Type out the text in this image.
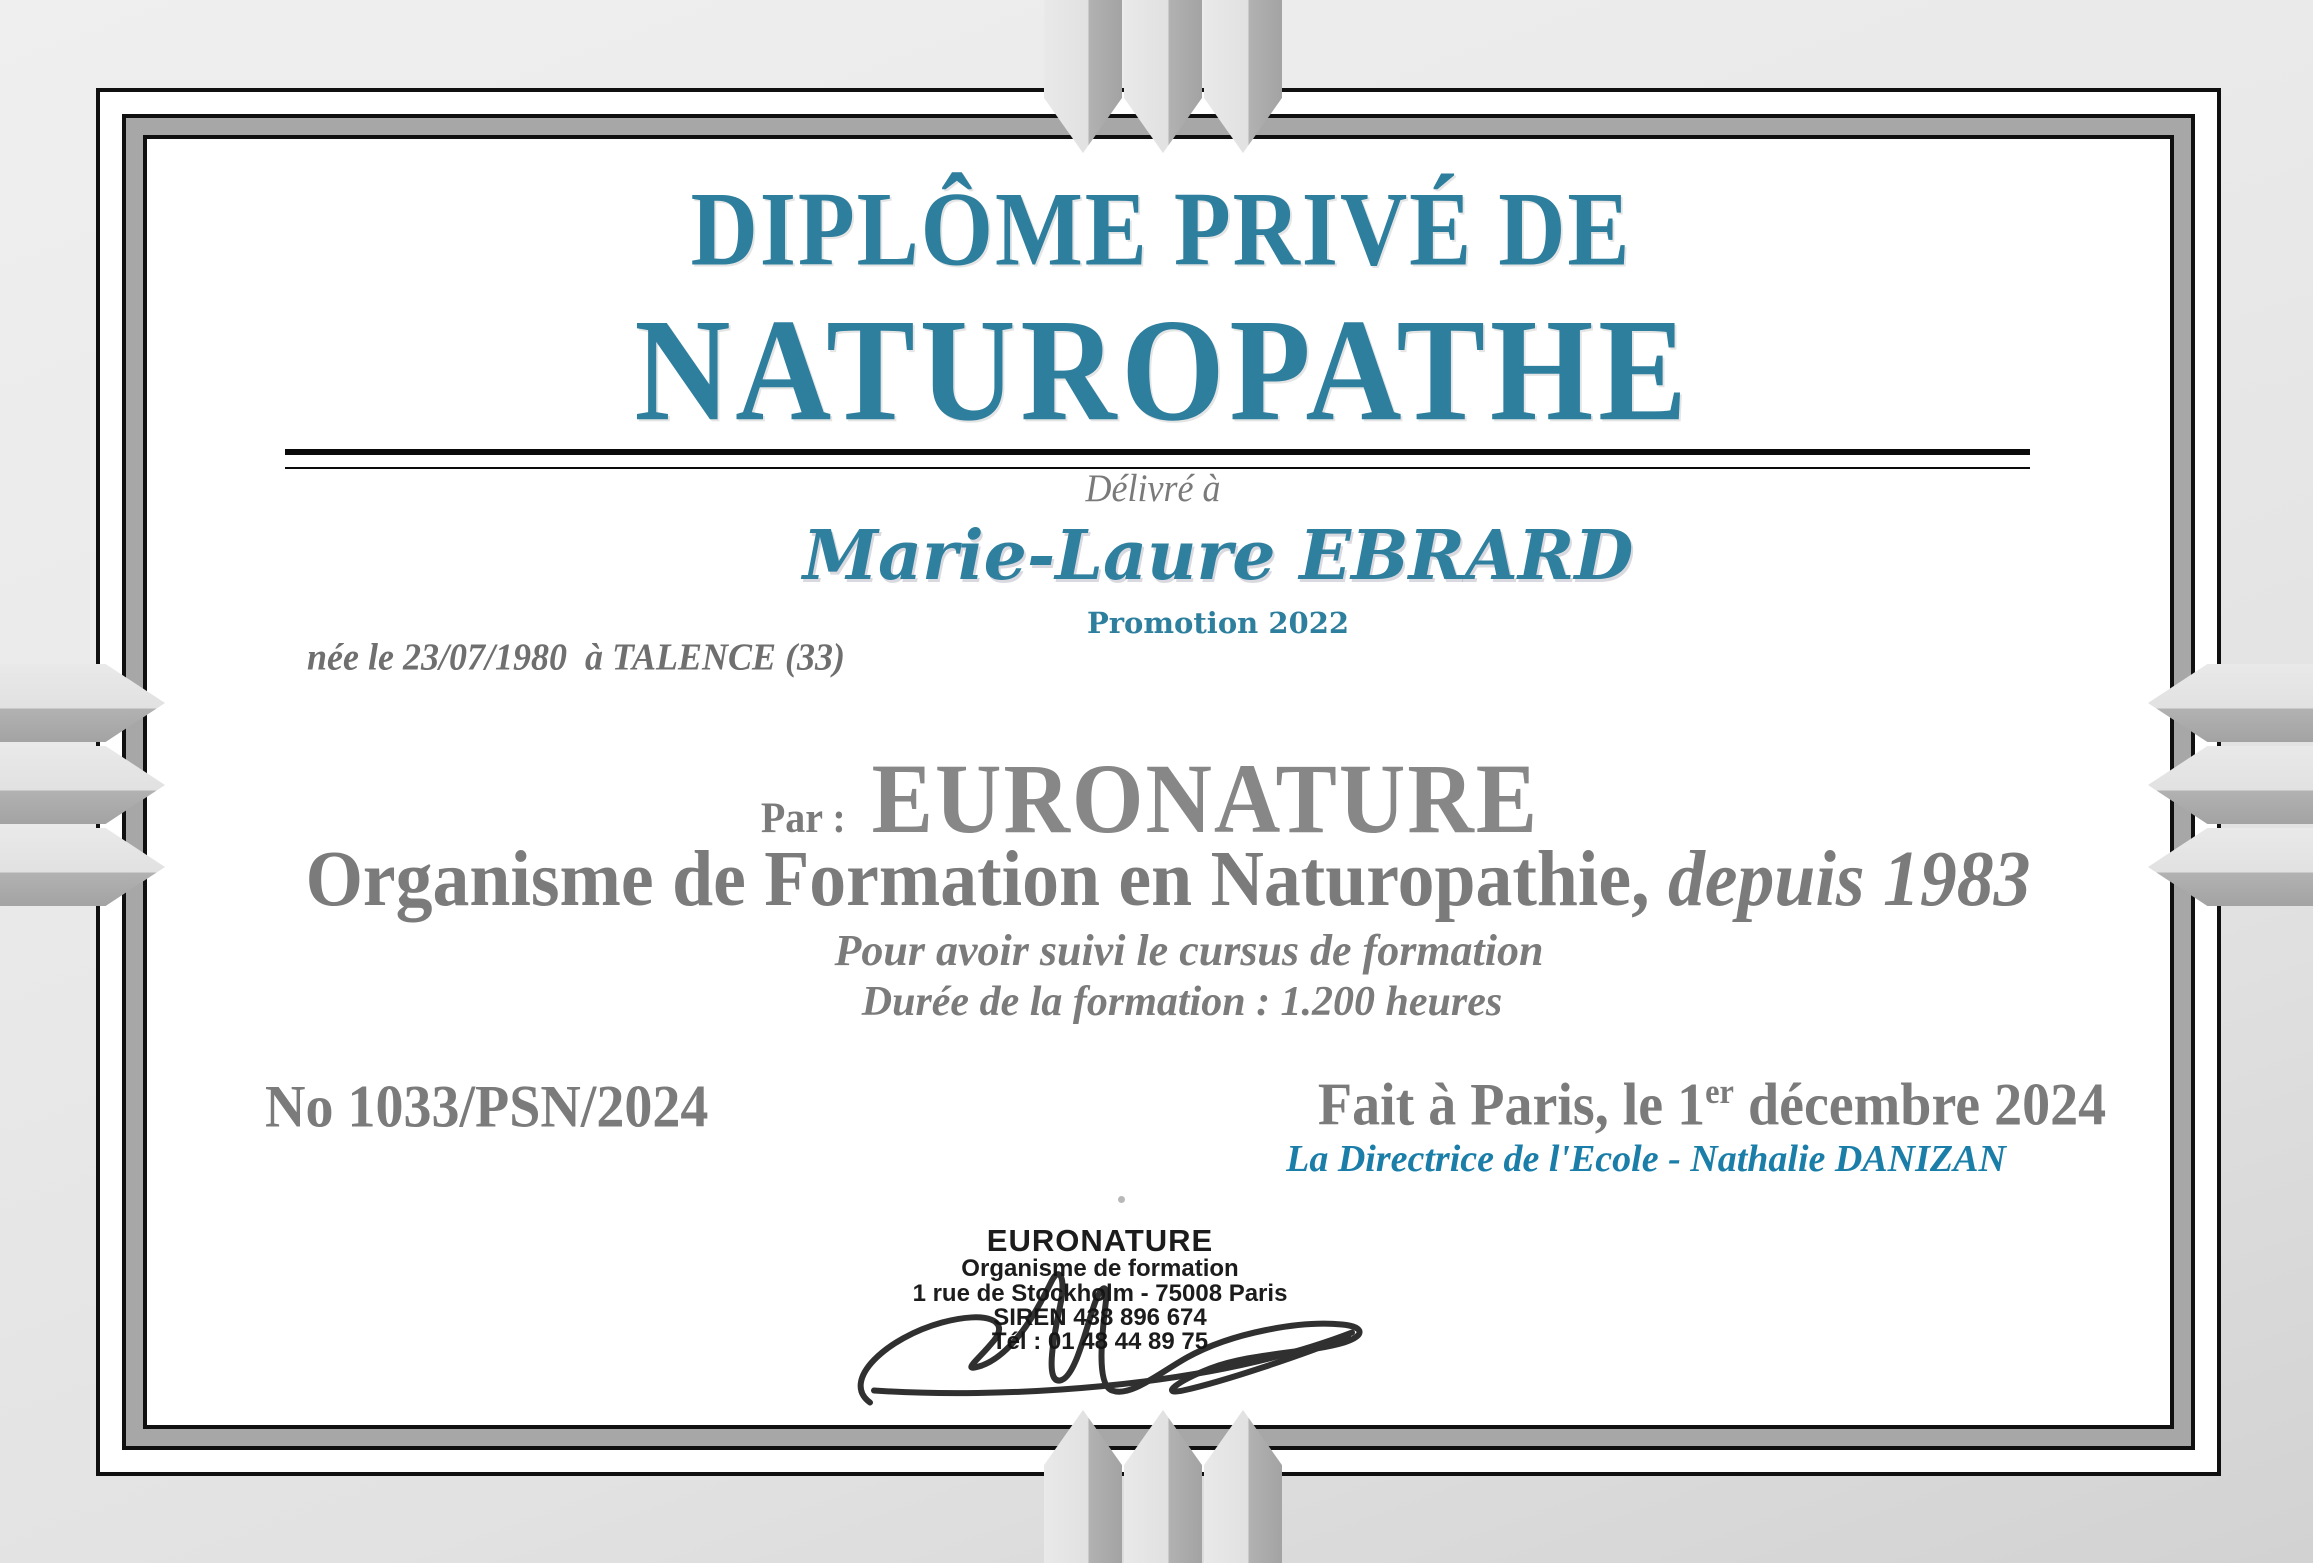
DIPLÔME PRIVÉ DE
NATUROPATHE
Délivré à
Marie-Laure EBRARD
Promotion 2022
née le 23/07/1980  à TALENCE (33)
Par : EURONATURE
Organisme de Formation en Naturopathie, depuis 1983
Pour avoir suivi le cursus de formation
Durée de la formation : 1.200 heures
No 1033/PSN/2024	Fait à Paris, le 1er décembre 2024
La Directrice de l'Ecole - Nathalie DANIZAN
EURONATURE
Organisme de formation
1 rue de Stockholm - 75008 Paris
SIREN 438 896 674
Tél : 01 48 44 89 75
